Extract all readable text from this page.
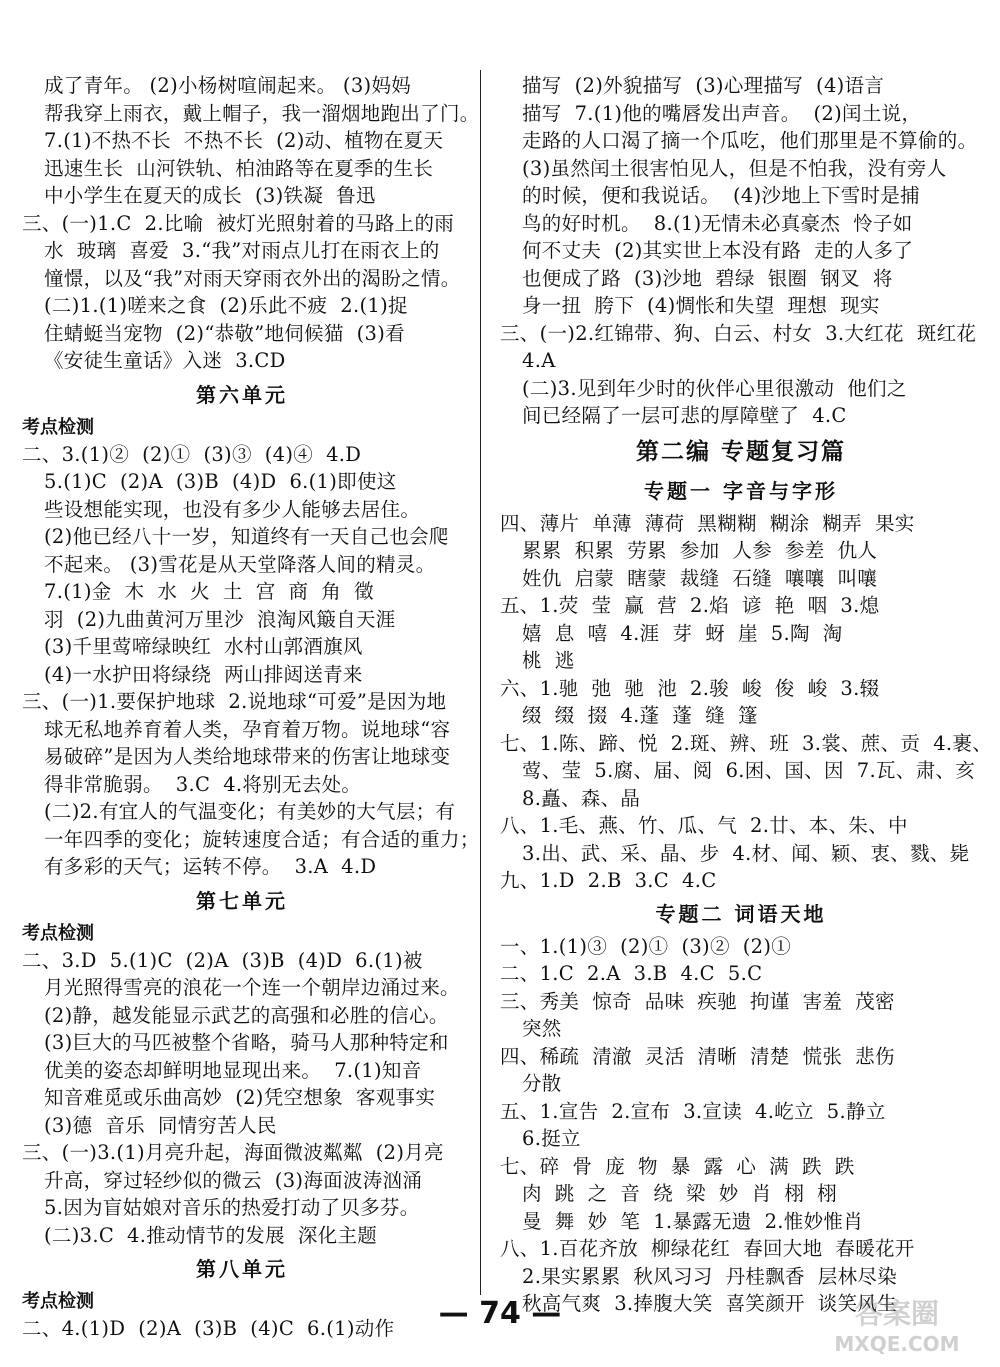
成了青年。 (2)小杨树喧闹起来。 (3)妈妈
帮我穿上雨衣，戴上帽子，我一溜烟地跑出了门。
7.(1)不热不长  不热不长  (2)动、植物在夏天
迅速生长  山河铁轨、柏油路等在夏季的生长
中小学生在夏天的成长  (3)铁凝  鲁迅
三、(一)1.C  2.比喻  被灯光照射着的马路上的雨
水  玻璃  喜爱  3.“我”对雨点儿打在雨衣上的
憧憬，以及“我”对雨天穿雨衣外出的渴盼之情。
(二)1.(1)嗟来之食  (2)乐此不疲  2.(1)捉
住蜻蜓当宠物  (2)“恭敬”地伺候猫  (3)看
《安徒生童话》入迷  3.CD
第六单元
考点检测
二、3.(1)②  (2)①  (3)③  (4)④  4.D
5.(1)C  (2)A  (3)B  (4)D  6.(1)即使这
些设想能实现，也没有多少人能够去居住。
(2)他已经八十一岁，知道终有一天自己也会爬
不起来。 (3)雪花是从天堂降落人间的精灵。
7.(1)金  木  水  火  土  宫  商  角  徵
羽  (2)九曲黄河万里沙  浪淘风簸自天涯
(3)千里莺啼绿映红  水村山郭酒旗风
(4)一水护田将绿绕  两山排闼送青来
三、(一)1.要保护地球  2.说地球“可爱”是因为地
球无私地养育着人类，孕育着万物。说地球“容
易破碎”是因为人类给地球带来的伤害让地球变
得非常脆弱。  3.C  4.将别无去处。
(二)2.有宜人的气温变化；有美妙的大气层；有
一年四季的变化；旋转速度合适；有合适的重力；
有多彩的天气；运转不停。  3.A  4.D
第七单元
考点检测
二、3.D  5.(1)C  (2)A  (3)B  (4)D  6.(1)被
月光照得雪亮的浪花一个连一个朝岸边涌过来。
(2)静，越发能显示武艺的高强和必胜的信心。
(3)巨大的马匹被整个省略，骑马人那种特定和
优美的姿态却鲜明地显现出来。  7.(1)知音
知音难觅或乐曲高妙  (2)凭空想象  客观事实
(3)德  音乐  同情穷苦人民
三、(一)3.(1)月亮升起，海面微波粼粼  (2)月亮
升高，穿过轻纱似的微云  (3)海面波涛汹涌
5.因为盲姑娘对音乐的热爱打动了贝多芬。
(二)3.C  4.推动情节的发展  深化主题
第八单元
考点检测
二、4.(1)D  (2)A  (3)B  (4)C  6.(1)动作
描写  (2)外貌描写  (3)心理描写  (4)语言
描写  7.(1)他的嘴唇发出声音。  (2)闰土说，
走路的人口渴了摘一个瓜吃，他们那里是不算偷的。
(3)虽然闰土很害怕见人，但是不怕我，没有旁人
的时候，便和我说话。  (4)沙地上下雪时是捕
鸟的好时机。  8.(1)无情未必真豪杰  怜子如
何不丈夫  (2)其实世上本没有路  走的人多了
也便成了路  (3)沙地  碧绿  银圈  钢叉  将
身一扭  胯下  (4)惆怅和失望  理想  现实
三、(一)2.红锦带、狗、白云、村女  3.大红花  斑红花
4.A
(二)3.见到年少时的伙伴心里很激动  他们之
间已经隔了一层可悲的厚障壁了  4.C
第二编 专题复习篇
专题一 字音与字形
四、薄片  单薄  薄荷  黑糊糊  糊涂  糊弄  果实
累累  积累  劳累  参加  人参  参差  仇人
姓仇  启蒙  瞎蒙  裁缝  石缝  嚷嚷  叫嚷
五、1.荧  莹  赢  营  2.焰  谚  艳  咽  3.熄
嬉  息  嘻  4.涯  芽  蚜  崖  5.陶  淘
桃  逃
六、1.驰  弛  驰  池  2.骏  峻  俊  峻  3.辍
缀  缀  掇  4.蓬  蓬  缝  篷
七、1.陈、蹄、悦  2.斑、辨、班  3.裳、蔗、贡  4.裹、
莺、莹  5.腐、届、阅  6.困、国、因  7.瓦、肃、亥
8.矗、森、晶
八、1.毛、燕、竹、瓜、气  2.廿、本、朱、中
3.出、武、采、晶、步  4.材、闻、颖、衷、戮、毙
九、1.D  2.B  3.C  4.C
专题二 词语天地
一、1.(1)③  (2)①  (3)②  (2)①
二、1.C  2.A  3.B  4.C  5.C
三、秀美  惊奇  品味  疾驰  拘谨  害羞  茂密
突然
四、稀疏  清澈  灵活  清晰  清楚  慌张  悲伤
分散
五、1.宣告  2.宣布  3.宣读  4.屹立  5.静立
6.挺立
七、碎  骨  庞  物  暴  露  心  满  跌  跌
肉  跳  之  音  绕  梁  妙  肖  栩  栩
曼  舞  妙  笔  1.暴露无遗  2.惟妙惟肖
八、1.百花齐放  柳绿花红  春回大地  春暖花开
2.果实累累  秋风习习  丹桂飘香  层林尽染
秋高气爽  3.捧腹大笑  喜笑颜开  谈笑风生
— 74 —	答案圈
MXQE.COM
